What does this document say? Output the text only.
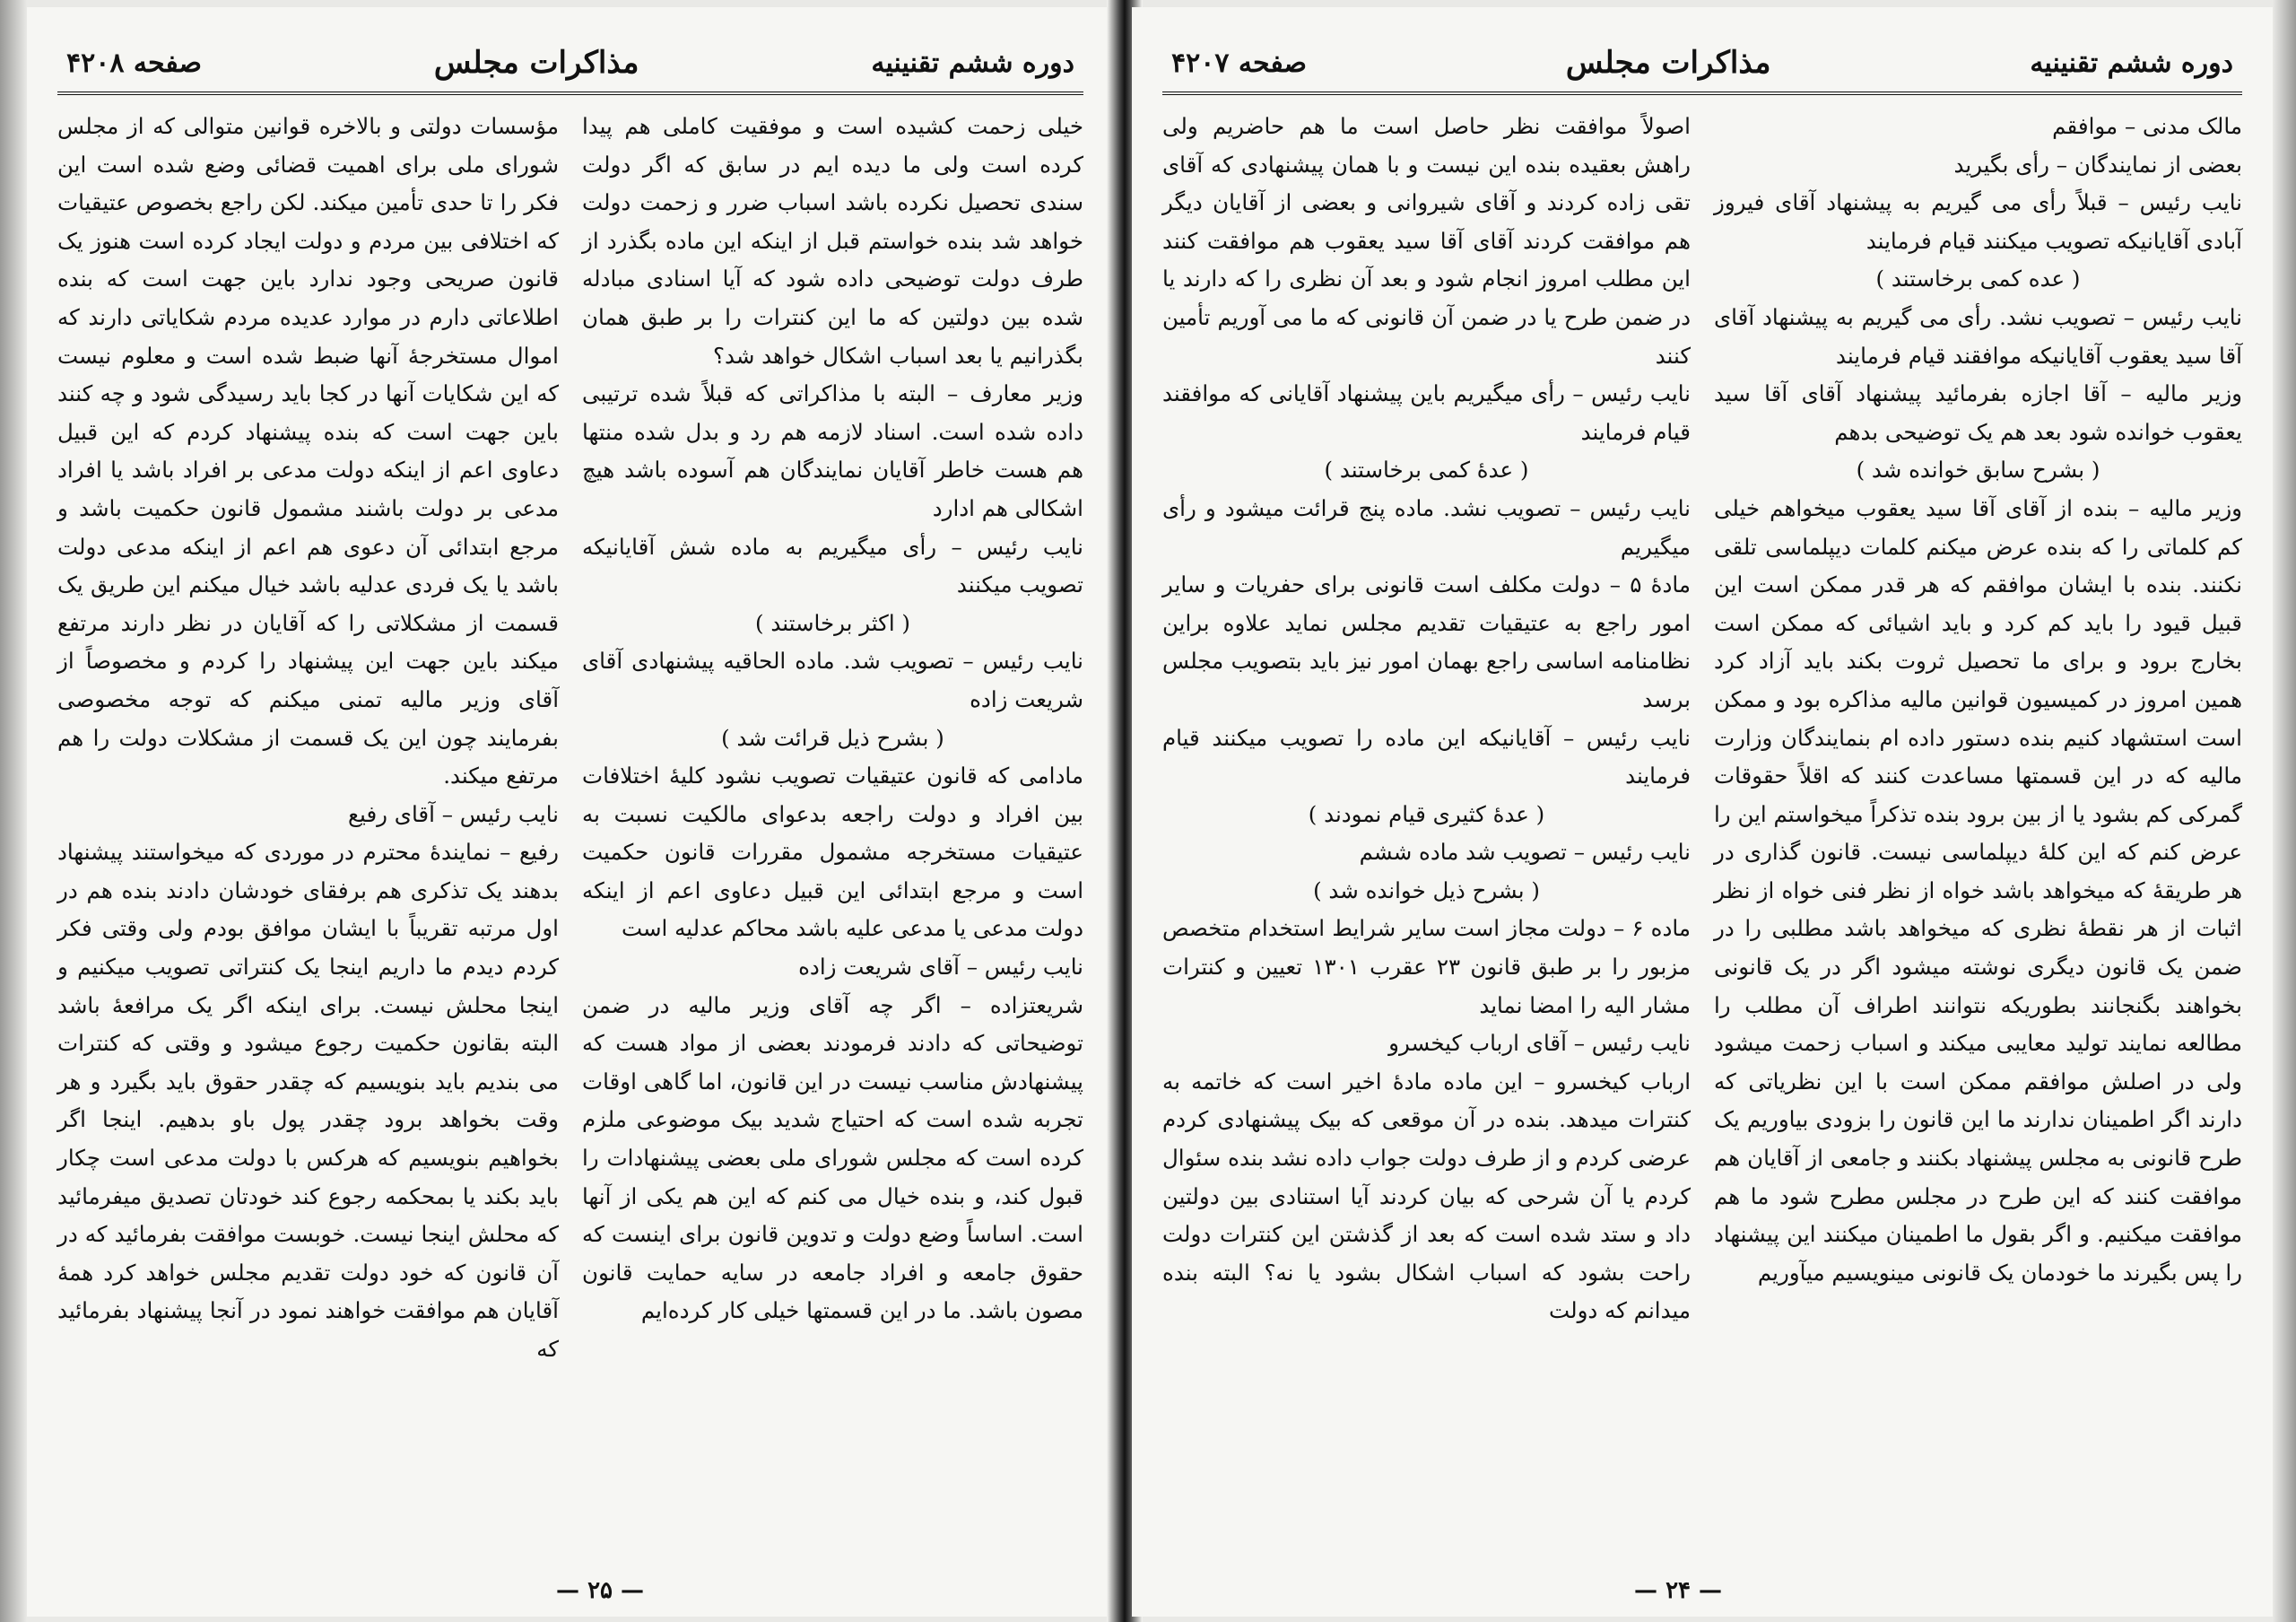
دوره ششم تقنینیه
مذاکرات مجلس
صفحه ۴۲۰۸

خیلی زحمت کشیده است و موفقیت کاملی هم پیدا کرده است ولی ما دیده ایم در سابق که اگر دولت سندی تحصیل نکرده باشد اسباب ضرر و زحمت دولت خواهد شد بنده خواستم قبل از اینکه این ماده بگذرد از طرف دولت توضیحی داده شود که آیا اسنادی مبادله شده بین دولتین که ما این کنترات را بر طبق همان بگذرانیم یا بعد اسباب اشکال خواهد شد؟

وزیر معارف – البته با مذاکراتی که قبلاً شده ترتیبی داده شده است. اسناد لازمه هم رد و بدل شده منتها هم هست خاطر آقایان نمایندگان هم آسوده باشد هیچ اشکالی هم ادارد

نایب رئیس – رأی میگیریم به ماده شش آقایانیکه تصویب میکنند

( اکثر برخاستند )

نایب رئیس – تصویب شد. ماده الحاقیه پیشنهادی آقای شریعت زاده

( بشرح ذیل قرائت شد )

مادامی که قانون عتیقیات تصویب نشود کلیهٔ اختلافات بین افراد و دولت راجعه بدعوای مالکیت نسبت به عتیقیات مستخرجه مشمول مقررات قانون حکمیت است و مرجع ابتدائی این قبیل دعاوی اعم از اینکه دولت مدعی یا مدعی علیه باشد محاکم عدلیه است

نایب رئیس – آقای شریعت زاده

شریعتزاده – اگر چه آقای وزیر مالیه در ضمن توضیحاتی که دادند فرمودند بعضی از مواد هست که پیشنهادش مناسب نیست در این قانون، اما گاهی اوقات تجربه شده است که احتیاج شدید بیک موضوعی ملزم کرده است که مجلس شورای ملی بعضی پیشنهادات را قبول کند، و بنده خیال می کنم که این هم یکی از آنها است. اساساً وضع دولت و تدوین قانون برای اینست که حقوق جامعه و افراد جامعه در سایه حمایت قانون مصون باشد. ما در این قسمتها خیلی کار کرده‌ایم

مؤسسات دولتی و بالاخره قوانین متوالی که از مجلس شورای ملی برای اهمیت قضائی وضع شده است این فکر را تا حدی تأمین میکند. لکن راجع بخصوص عتیقیات که اختلافی بین مردم و دولت ایجاد کرده است هنوز یک قانون صریحی وجود ندارد باین جهت است که بنده اطلاعاتی دارم در موارد عدیده مردم شکایاتی دارند که اموال مستخرجهٔ آنها ضبط شده است و معلوم نیست که این شکایات آنها در کجا باید رسیدگی شود و چه کنند باین جهت است که بنده پیشنهاد کردم که این قبیل دعاوی اعم از اینکه دولت مدعی بر افراد باشد یا افراد مدعی بر دولت باشند مشمول قانون حکمیت باشد و مرجع ابتدائی آن دعوی هم اعم از اینکه مدعی دولت باشد یا یک فردی عدلیه باشد خیال میکنم این طریق یک قسمت از مشکلاتی را که آقایان در نظر دارند مرتفع میکند باین جهت این پیشنهاد را کردم و مخصوصاً از آقای وزیر مالیه تمنی میکنم که توجه مخصوصی بفرمایند چون این یک قسمت از مشکلات دولت را هم مرتفع میکند.

نایب رئیس – آقای رفیع

رفیع – نمایندهٔ محترم در موردی که میخواستند پیشنهاد بدهند یک تذکری هم برفقای خودشان دادند بنده هم در اول مرتبه تقریباً با ایشان موافق بودم ولی وقتی فکر کردم دیدم ما داریم اینجا یک کنتراتی تصویب میکنیم و اینجا محلش نیست. برای اینکه اگر یک مرافعهٔ باشد البته بقانون حکمیت رجوع میشود و وقتی که کنترات می بندیم باید بنویسیم که چقدر حقوق باید بگیرد و هر وقت بخواهد برود چقدر پول باو بدهیم. اینجا اگر بخواهیم بنویسیم که هرکس با دولت مدعی است چکار باید بکند یا بمحکمه رجوع کند خودتان تصدیق میفرمائید که محلش اینجا نیست. خوبست موافقت بفرمائید که در آن قانون که خود دولت تقدیم مجلس خواهد کرد همهٔ آقایان هم موافقت خواهند نمود در آنجا پیشنهاد بفرمائید که

— ۲۵ —
دوره ششم تقنینیه
مذاکرات مجلس
صفحه ۴۲۰۷

مالک مدنی – موافقم

بعضی از نمایندگان – رأی بگیرید

نایب رئیس – قبلاً رأی می گیریم به پیشنهاد آقای فیروز آبادی آقایانیکه تصویب میکنند قیام فرمایند

( عده کمی برخاستند )

نایب رئیس – تصویب نشد. رأی می گیریم به پیشنهاد آقای آقا سید یعقوب آقایانیکه موافقند قیام فرمایند

وزیر مالیه – آقا اجازه بفرمائید پیشنهاد آقای آقا سید یعقوب خوانده شود بعد هم یک توضیحی بدهم

( بشرح سابق خوانده شد )

وزیر مالیه – بنده از آقای آقا سید یعقوب میخواهم خیلی کم کلماتی را که بنده عرض میکنم کلمات دیپلماسی تلقی نکنند. بنده با ایشان موافقم که هر قدر ممکن است این قبیل قیود را باید کم کرد و باید اشیائی که ممکن است بخارج برود و برای ما تحصیل ثروت بکند باید آزاد کرد همین امروز در کمیسیون قوانین مالیه مذاکره بود و ممکن است استشهاد کنیم بنده دستور داده ام بنمایندگان وزارت مالیه که در این قسمتها مساعدت کنند که اقلاً حقوقات گمرکی کم بشود یا از بین برود بنده تذکراً میخواستم این را عرض کنم که این کلهٔ دیپلماسی نیست. قانون گذاری در هر طریقهٔ که میخواهد باشد خواه از نظر فنی خواه از نظر اثبات از هر نقطهٔ نظری که میخواهد باشد مطلبی را در ضمن یک قانون دیگری نوشته میشود اگر در یک قانونی بخواهند بگنجانند بطوریکه نتوانند اطراف آن مطلب را مطالعه نمایند تولید معایبی میکند و اسباب زحمت میشود ولی در اصلش موافقم ممکن است با این نظریاتی که دارند اگر اطمینان ندارند ما این قانون را بزودی بیاوریم یک طرح قانونی به مجلس پیشنهاد بکنند و جامعی از آقایان هم موافقت کنند که این طرح در مجلس مطرح شود ما هم موافقت میکنیم. و اگر بقول ما اطمینان میکنند این پیشنهاد را پس بگیرند ما خودمان یک قانونی مینویسیم میآوریم

اصولاً موافقت نظر حاصل است ما هم حاضریم ولی راهش بعقیده بنده این نیست و با همان پیشنهادی که آقای تقی زاده کردند و آقای شیروانی و بعضی از آقایان دیگر هم موافقت کردند آقای آقا سید یعقوب هم موافقت کنند این مطلب امروز انجام شود و بعد آن نظری را که دارند یا در ضمن طرح یا در ضمن آن قانونی که ما می آوریم تأمین کنند

نایب رئیس – رأی میگیریم باین پیشنهاد آقایانی که موافقند قیام فرمایند

( عدهٔ کمی برخاستند )

نایب رئیس – تصویب نشد. ماده پنج قرائت میشود و رأی میگیریم

مادهٔ ۵ – دولت مکلف است قانونی برای حفریات و سایر امور راجع به عتیقیات تقدیم مجلس نماید علاوه براین نظامنامه اساسی راجع بهمان امور نیز باید بتصویب مجلس برسد

نایب رئیس – آقایانیکه این ماده را تصویب میکنند قیام فرمایند

( عدهٔ کثیری قیام نمودند )

نایب رئیس – تصویب شد ماده ششم

( بشرح ذیل خوانده شد )

ماده ۶ – دولت مجاز است سایر شرایط استخدام متخصص مزبور را بر طبق قانون ۲۳ عقرب ۱۳۰۱ تعیین و کنترات مشار الیه را امضا نماید

نایب رئیس – آقای ارباب کیخسرو

ارباب کیخسرو – این ماده مادهٔ اخیر است که خاتمه به کنترات میدهد. بنده در آن موقعی که بیک پیشنهادی کردم عرضی کردم و از طرف دولت جواب داده نشد بنده سئوال کردم یا آن شرحی که بیان کردند آیا استنادی بین دولتین داد و ستد شده است که بعد از گذشتن این کنترات دولت راحت بشود که اسباب اشکال بشود یا نه؟ البته بنده میدانم که دولت

— ۲۴ —
